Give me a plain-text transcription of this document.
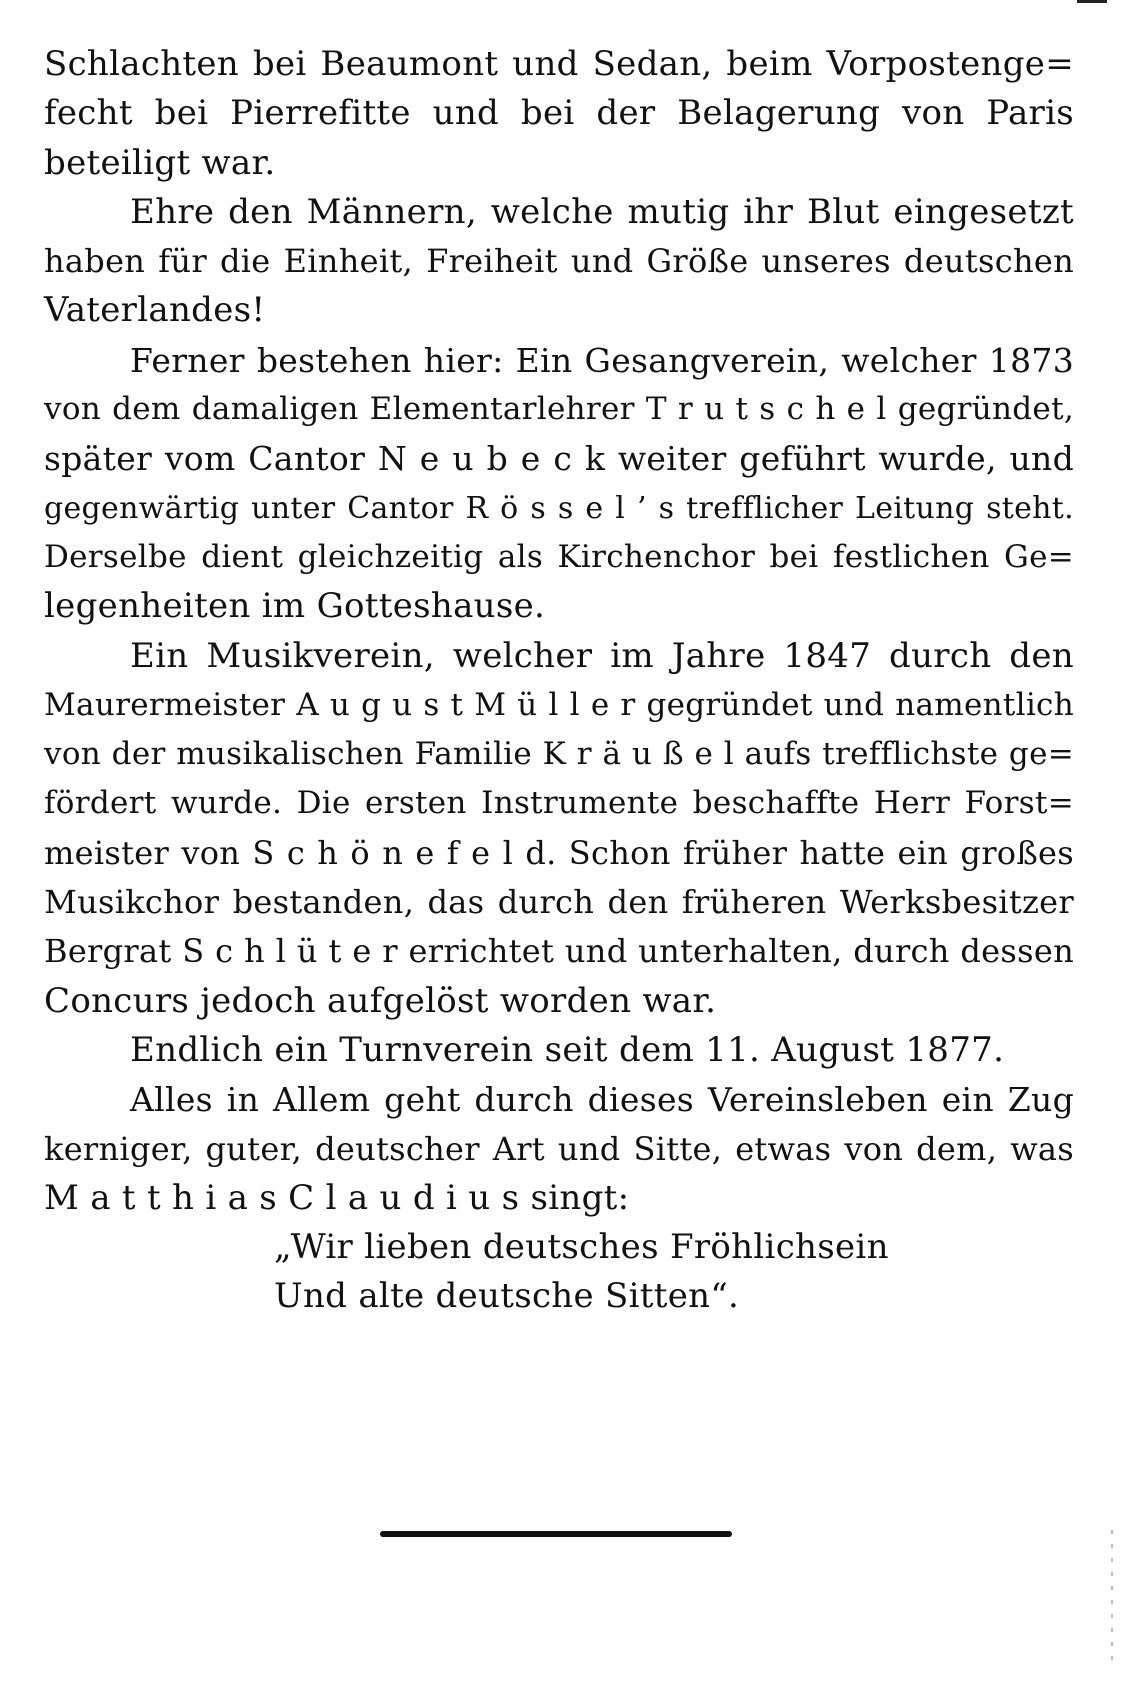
Schlachten bei Beaumont und Sedan, beim Vorpostenge=
fecht bei Pierrefitte und bei der Belagerung von Paris
beteiligt war.
Ehre den Männern, welche mutig ihr Blut eingesetzt
haben für die Einheit, Freiheit und Größe unseres deutschen
Vaterlandes!
Ferner bestehen hier: Ein Gesangverein, welcher 1873
von dem damaligen Elementarlehrer T r u t s c h e l gegründet,
später vom Cantor N e u b e c k weiter geführt wurde, und
gegenwärtig unter Cantor R ö s s e l ’ s trefflicher Leitung steht.
Derselbe dient gleichzeitig als Kirchenchor bei festlichen Ge=
legenheiten im Gotteshause.
Ein Musikverein, welcher im Jahre 1847 durch den
Maurermeister A u g u s t M ü l l e r gegründet und namentlich
von der musikalischen Familie K r ä u ß e l aufs trefflichste ge=
fördert wurde. Die ersten Instrumente beschaffte Herr Forst=
meister von S c h ö n e f e l d. Schon früher hatte ein großes
Musikchor bestanden, das durch den früheren Werksbesitzer
Bergrat S c h l ü t e r errichtet und unterhalten, durch dessen
Concurs jedoch aufgelöst worden war.
Endlich ein Turnverein seit dem 11. August 1877.
Alles in Allem geht durch dieses Vereinsleben ein Zug
kerniger, guter, deutscher Art und Sitte, etwas von dem, was
M a t t h i a s C l a u d i u s singt:
„Wir lieben deutsches Fröhlichsein
Und alte deutsche Sitten“.
